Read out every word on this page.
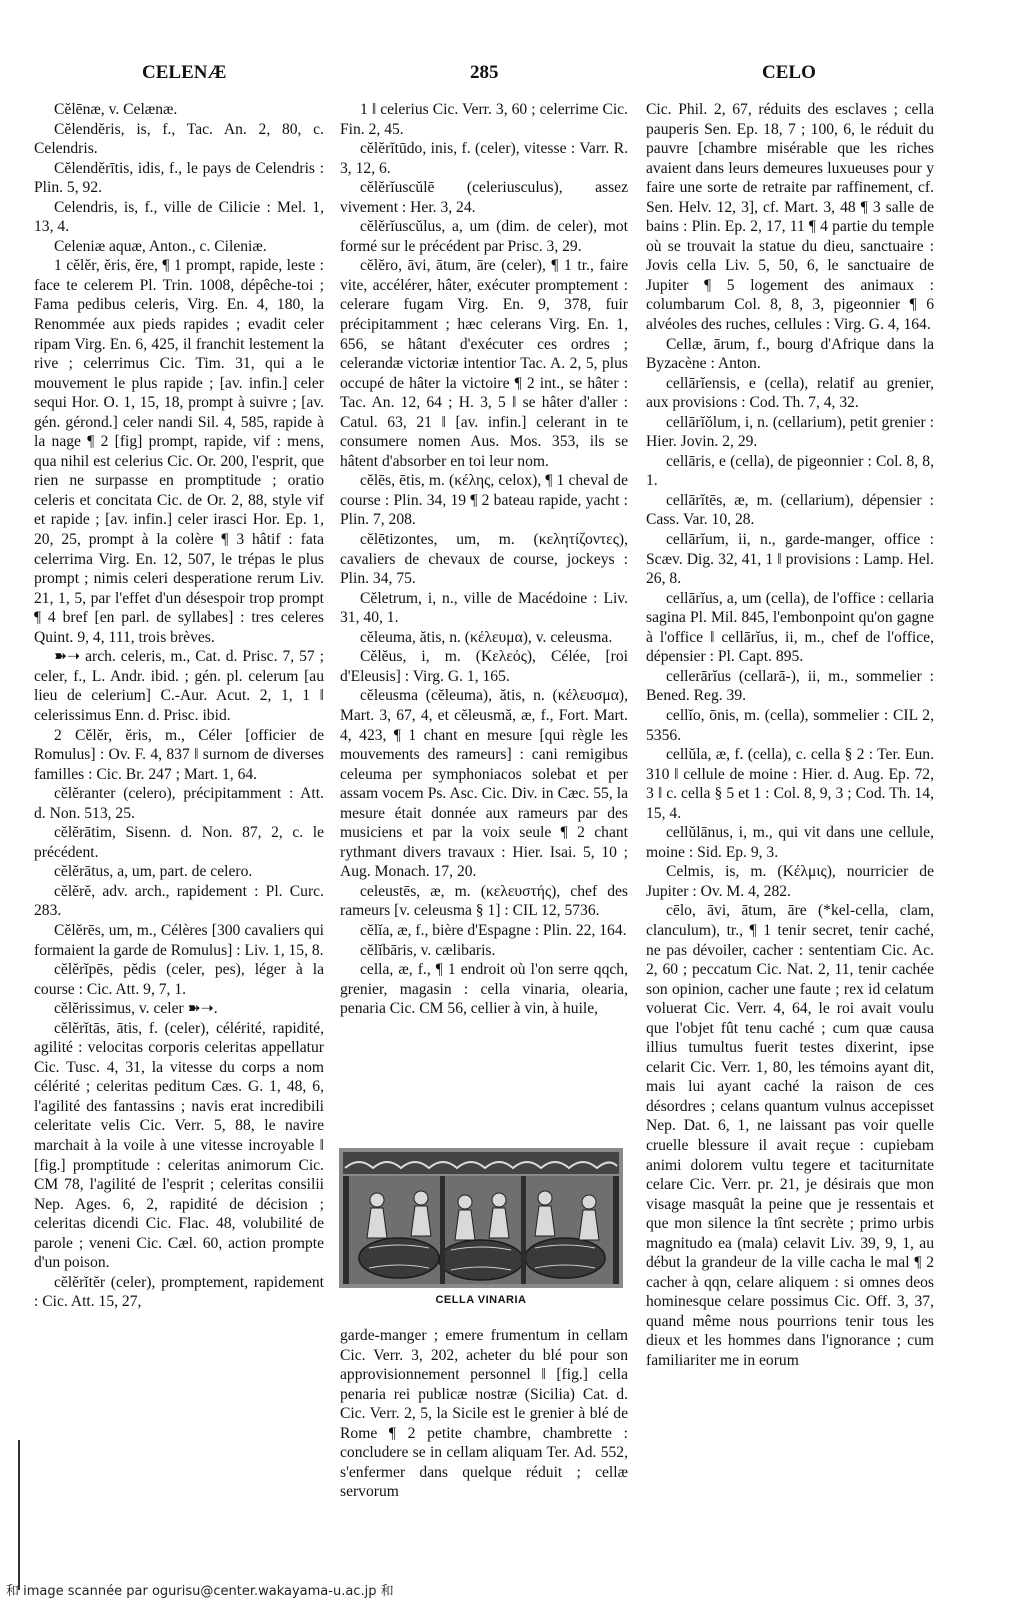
CELENÆ	285	CELO

Cĕlēnæ, v. Celænæ.

Cĕlendĕris, is, f., Tac. An. 2, 80, c. Celendris.

Cĕlendĕrītis, idis, f., le pays de Celendris : Plin. 5, 92.

Celendris, is, f., ville de Cilicie : Mel. 1, 13, 4.

Celeniæ aquæ, Anton., c. Cileniæ.

1 cĕlĕr, ĕris, ĕre, ¶ 1 prompt, rapide, leste : face te celerem Pl. Trin. 1008, dépêche-toi ; Fama pedibus celeris, Virg. En. 4, 180, la Renommée aux pieds rapides ; evadit celer ripam Virg. En. 6, 425, il franchit lestement la rive ; celerrimus Cic. Tim. 31, qui a le mouvement le plus rapide ; [av. infin.] celer sequi Hor. O. 1, 15, 18, prompt à suivre ; [av. gén. gérond.] celer nandi Sil. 4, 585, rapide à la nage ¶ 2 [fig] prompt, rapide, vif : mens, qua nihil est celerius Cic. Or. 200, l'esprit, que rien ne surpasse en promptitude ; oratio celeris et concitata Cic. de Or. 2, 88, style vif et rapide ; [av. infin.] celer irasci Hor. Ep. 1, 20, 25, prompt à la colère ¶ 3 hâtif : fata celerrima Virg. En. 12, 507, le trépas le plus prompt ; nimis celeri desperatione rerum Liv. 21, 1, 5, par l'effet d'un désespoir trop prompt ¶ 4 bref [en parl. de syllabes] : tres celeres Quint. 9, 4, 111, trois brèves.

➽➝ arch. celeris, m., Cat. d. Prisc. 7, 57 ; celer, f., L. Andr. ibid. ; gén. pl. celerum [au lieu de celerium] C.-Aur. Acut. 2, 1, 1 ‖ celerissimus Enn. d. Prisc. ibid.

2 Cĕlĕr, ĕris, m., Céler [officier de Romulus] : Ov. F. 4, 837 ‖ surnom de diverses familles : Cic. Br. 247 ; Mart. 1, 64.

cĕlĕranter (celero), précipitamment : Att. d. Non. 513, 25.

cĕlĕrātim, Sisenn. d. Non. 87, 2, c. le précédent.

cĕlĕrātus, a, um, part. de celero.

cĕlĕrĕ, adv. arch., rapidement : Pl. Curc. 283.

Cĕlĕrēs, um, m., Célères [300 cavaliers qui formaient la garde de Romulus] : Liv. 1, 15, 8.

cĕlĕrĭpēs, pĕdis (celer, pes), léger à la course : Cic. Att. 9, 7, 1.

cĕlĕrissimus, v. celer ➽➝.

cĕlĕrĭtās, ātis, f. (celer), célérité, rapidité, agilité : velocitas corporis celeritas appellatur Cic. Tusc. 4, 31, la vitesse du corps a nom célérité ; celeritas peditum Cæs. G. 1, 48, 6, l'agilité des fantassins ; navis erat incredibili celeritate velis Cic. Verr. 5, 88, le navire marchait à la voile à une vitesse incroyable ‖ [fig.] promptitude : celeritas animorum Cic. CM 78, l'agilité de l'esprit ; celeritas consilii Nep. Ages. 6, 2, rapidité de décision ; celeritas dicendi Cic. Flac. 48, volubilité de parole ; veneni Cic. Cæl. 60, action prompte d'un poison.

cĕlĕrĭtĕr (celer), promptement, rapidement : Cic. Att. 15, 27,

1 ‖ celerius Cic. Verr. 3, 60 ; celerrime Cic. Fin. 2, 45.

cĕlĕrĭtūdo, inis, f. (celer), vitesse : Varr. R. 3, 12, 6.

cĕlĕrĭuscŭlē (celeriusculus), assez vivement : Her. 3, 24.

cĕlĕrĭuscŭlus, a, um (dim. de celer), mot formé sur le précédent par Prisc. 3, 29.

cĕlĕro, āvi, ātum, āre (celer), ¶ 1 tr., faire vite, accélérer, hâter, exécuter promptement : celerare fugam Virg. En. 9, 378, fuir précipitamment ; hæc celerans Virg. En. 1, 656, se hâtant d'exécuter ces ordres ; celerandæ victoriæ intentior Tac. A. 2, 5, plus occupé de hâter la victoire ¶ 2 int., se hâter : Tac. An. 12, 64 ; H. 3, 5 ‖ se hâter d'aller : Catul. 63, 21 ‖ [av. infin.] celerant in te consumere nomen Aus. Mos. 353, ils se hâtent d'absorber en toi leur nom.

cĕlēs, ētis, m. (κέλης, celox), ¶ 1 cheval de course : Plin. 34, 19 ¶ 2 bateau rapide, yacht : Plin. 7, 208.

cĕlētizontes, um, m. (κελητίζοντες), cavaliers de chevaux de course, jockeys : Plin. 34, 75.

Cĕletrum, i, n., ville de Macédoine : Liv. 31, 40, 1.

cĕleuma, ătis, n. (κέλευμα), v. celeusma.

Cĕlĕus, i, m. (Κελεός), Célée, [roi d'Eleusis] : Virg. G. 1, 165.

cĕleusma (cĕleuma), ătis, n. (κέλευσμα), Mart. 3, 67, 4, et cĕleusmă, æ, f., Fort. Mart. 4, 423, ¶ 1 chant en mesure [qui règle les mouvements des rameurs] : cani remigibus celeuma per symphoniacos solebat et per assam vocem Ps. Asc. Cic. Div. in Cæc. 55, la mesure était donnée aux rameurs par des musiciens et par la voix seule ¶ 2 chant rythmant divers travaux : Hier. Isai. 5, 10 ; Aug. Monach. 17, 20.

celeustēs, æ, m. (κελευστής), chef des rameurs [v. celeusma § 1] : CIL 12, 5736.

cĕlĭa, æ, f., bière d'Espagne : Plin. 22, 164.

cĕlĭbāris, v. cælibaris.

cella, æ, f., ¶ 1 endroit où l'on serre qqch, grenier, magasin : cella vinaria, olearia, penaria Cic. CM 56, cellier à vin, à huile,

CELLA VINARIA

garde-manger ; emere frumentum in cellam Cic. Verr. 3, 202, acheter du blé pour son approvisionnement personnel ‖ [fig.] cella penaria rei publicæ nostræ (Sicilia) Cat. d. Cic. Verr. 2, 5, la Sicile est le grenier à blé de Rome ¶ 2 petite chambre, chambrette : concludere se in cellam aliquam Ter. Ad. 552, s'enfermer dans quelque réduit ; cellæ servorum

Cic. Phil. 2, 67, réduits des esclaves ; cella pauperis Sen. Ep. 18, 7 ; 100, 6, le réduit du pauvre [chambre misérable que les riches avaient dans leurs demeures luxueuses pour y faire une sorte de retraite par raffinement, cf. Sen. Helv. 12, 3], cf. Mart. 3, 48 ¶ 3 salle de bains : Plin. Ep. 2, 17, 11 ¶ 4 partie du temple où se trouvait la statue du dieu, sanctuaire : Jovis cella Liv. 5, 50, 6, le sanctuaire de Jupiter ¶ 5 logement des animaux : columbarum Col. 8, 8, 3, pigeonnier ¶ 6 alvéoles des ruches, cellules : Virg. G. 4, 164.

Cellæ, ārum, f., bourg d'Afrique dans la Byzacène : Anton.

cellārĭensis, e (cella), relatif au grenier, aux provisions : Cod. Th. 7, 4, 32.

cellārĭŏlum, i, n. (cellarium), petit grenier : Hier. Jovin. 2, 29.

cellāris, e (cella), de pigeonnier : Col. 8, 8, 1.

cellārĭtēs, æ, m. (cellarium), dépensier : Cass. Var. 10, 28.

cellārĭum, ii, n., garde-manger, office : Scæv. Dig. 32, 41, 1 ‖ provisions : Lamp. Hel. 26, 8.

cellārĭus, a, um (cella), de l'office : cellaria sagina Pl. Mil. 845, l'embonpoint qu'on gagne à l'office ‖ cellārĭus, ii, m., chef de l'office, dépensier : Pl. Capt. 895.

cellerārĭus (cellarā-), ii, m., sommelier : Bened. Reg. 39.

cellĭo, ōnis, m. (cella), sommelier : CIL 2, 5356.

cellŭla, æ, f. (cella), c. cella § 2 : Ter. Eun. 310 ‖ cellule de moine : Hier. d. Aug. Ep. 72, 3 ‖ c. cella § 5 et 1 : Col. 8, 9, 3 ; Cod. Th. 14, 15, 4.

cellŭlānus, i, m., qui vit dans une cellule, moine : Sid. Ep. 9, 3.

Celmis, is, m. (Κέλμις), nourricier de Jupiter : Ov. M. 4, 282.

cēlo, āvi, ātum, āre (*kel-cella, clam, clanculum), tr., ¶ 1 tenir secret, tenir caché, ne pas dévoiler, cacher : sententiam Cic. Ac. 2, 60 ; peccatum Cic. Nat. 2, 11, tenir cachée son opinion, cacher une faute ; rex id celatum voluerat Cic. Verr. 4, 64, le roi avait voulu que l'objet fût tenu caché ; cum quæ causa illius tumultus fuerit testes dixerint, ipse celarit Cic. Verr. 1, 80, les témoins ayant dit, mais lui ayant caché la raison de ces désordres ; celans quantum vulnus accepisset Nep. Dat. 6, 1, ne laissant pas voir quelle cruelle blessure il avait reçue : cupiebam animi dolorem vultu tegere et taciturnitate celare Cic. Verr. pr. 21, je désirais que mon visage masquât la peine que je ressentais et que mon silence la tînt secrète ; primo urbis magnitudo ea (mala) celavit Liv. 39, 9, 1, au début la grandeur de la ville cacha le mal ¶ 2 cacher à qqn, celare aliquem : si omnes deos hominesque celare possimus Cic. Off. 3, 37, quand même nous pourrions tenir tous les dieux et les hommes dans l'ignorance ; cum familiariter me in eorum

和 image scannée par ogurisu@center.wakayama-u.ac.jp 和
